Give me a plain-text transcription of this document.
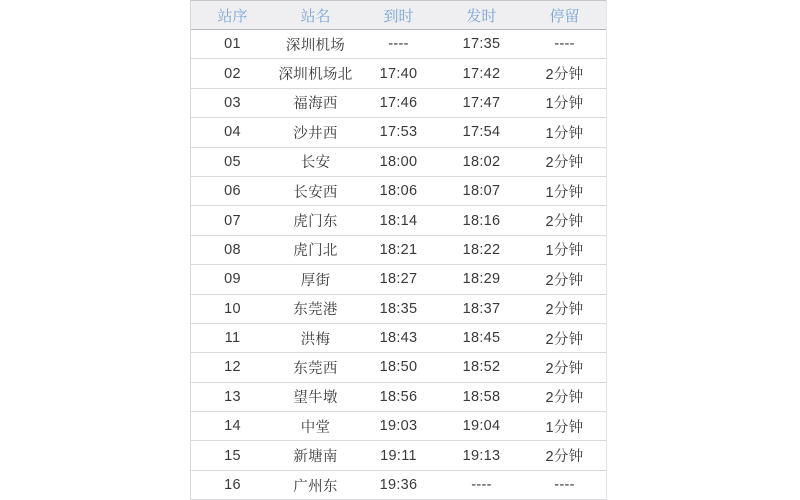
站序	站名	到时	发时	停留
01	深圳机场	----	17:35	----
02	深圳机场北	17:40	17:42	2分钟
03	福海西	17:46	17:47	1分钟
04	沙井西	17:53	17:54	1分钟
05	长安	18:00	18:02	2分钟
06	长安西	18:06	18:07	1分钟
07	虎门东	18:14	18:16	2分钟
08	虎门北	18:21	18:22	1分钟
09	厚街	18:27	18:29	2分钟
10	东莞港	18:35	18:37	2分钟
11	洪梅	18:43	18:45	2分钟
12	东莞西	18:50	18:52	2分钟
13	望牛墩	18:56	18:58	2分钟
14	中堂	19:03	19:04	1分钟
15	新塘南	19:11	19:13	2分钟
16	广州东	19:36	----	----
